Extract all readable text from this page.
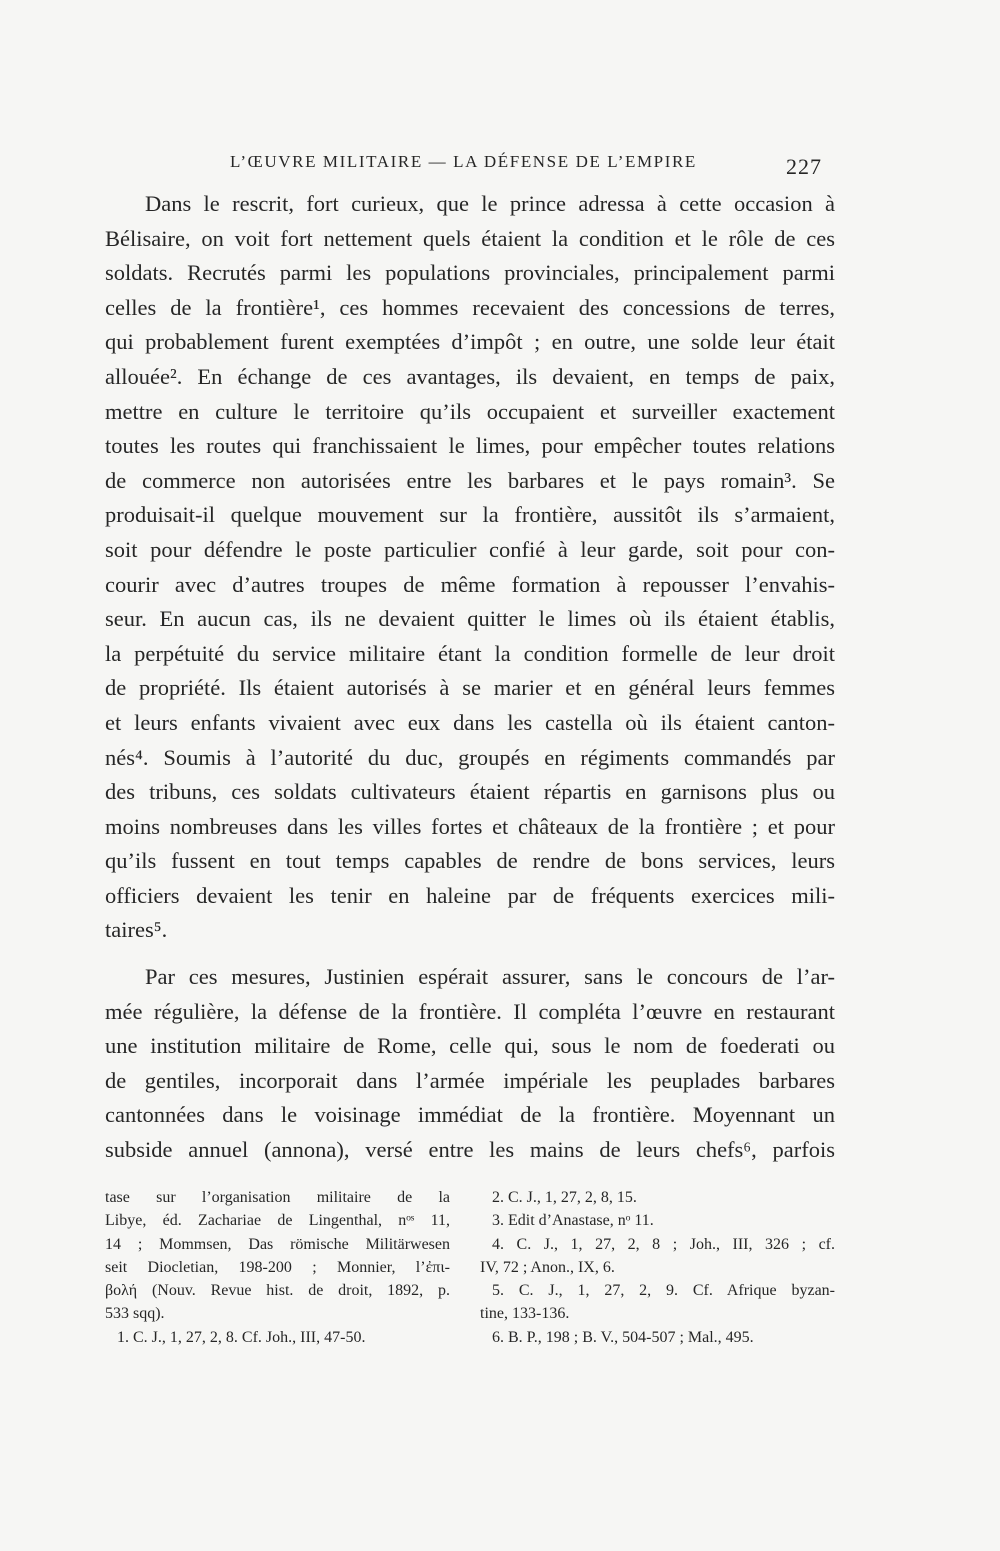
L’ŒUVRE MILITAIRE — LA DÉFENSE DE L’EMPIRE	227
Dans le rescrit, fort curieux, que le prince adressa à cette occasion à
Bélisaire, on voit fort nettement quels étaient la condition et le rôle de ces
soldats. Recrutés parmi les populations provinciales, principalement parmi
celles de la frontière¹, ces hommes recevaient des concessions de terres,
qui probablement furent exemptées d’impôt ; en outre, une solde leur était
allouée². En échange de ces avantages, ils devaient, en temps de paix,
mettre en culture le territoire qu’ils occupaient et surveiller exactement
toutes les routes qui franchissaient le limes, pour empêcher toutes relations
de commerce non autorisées entre les barbares et le pays romain³. Se
produisait-il quelque mouvement sur la frontière, aussitôt ils s’armaient,
soit pour défendre le poste particulier confié à leur garde, soit pour con-
courir avec d’autres troupes de même formation à repousser l’envahis-
seur. En aucun cas, ils ne devaient quitter le limes où ils étaient établis,
la perpétuité du service militaire étant la condition formelle de leur droit
de propriété. Ils étaient autorisés à se marier et en général leurs femmes
et leurs enfants vivaient avec eux dans les castella où ils étaient canton-
nés⁴. Soumis à l’autorité du duc, groupés en régiments commandés par
des tribuns, ces soldats cultivateurs étaient répartis en garnisons plus ou
moins nombreuses dans les villes fortes et châteaux de la frontière ; et pour
qu’ils fussent en tout temps capables de rendre de bons services, leurs
officiers devaient les tenir en haleine par de fréquents exercices mili-
taires⁵.
Par ces mesures, Justinien espérait assurer, sans le concours de l’ar-
mée régulière, la défense de la frontière. Il compléta l’œuvre en restaurant
une institution militaire de Rome, celle qui, sous le nom de foederati ou
de gentiles, incorporait dans l’armée impériale les peuplades barbares
cantonnées dans le voisinage immédiat de la frontière. Moyennant un
subside annuel (annona), versé entre les mains de leurs chefs⁶, parfois
tase sur l’organisation militaire de la
Libye, éd. Zachariae de Lingenthal, nᵒˢ 11,
14 ; Mommsen, Das römische Militärwesen
seit Diocletian, 198-200 ; Monnier, l’ἐπι-
βολή (Nouv. Revue hist. de droit, 1892, p.
533 sqq).
1. C. J., 1, 27, 2, 8. Cf. Joh., III, 47-50.
2. C. J., 1, 27, 2, 8, 15.
3. Edit d’Anastase, nᵒ 11.
4. C. J., 1, 27, 2, 8 ; Joh., III, 326 ; cf.
IV, 72 ; Anon., IX, 6.
5. C. J., 1, 27, 2, 9. Cf. Afrique byzan-
tine, 133-136.
6. B. P., 198 ; B. V., 504-507 ; Mal., 495.
